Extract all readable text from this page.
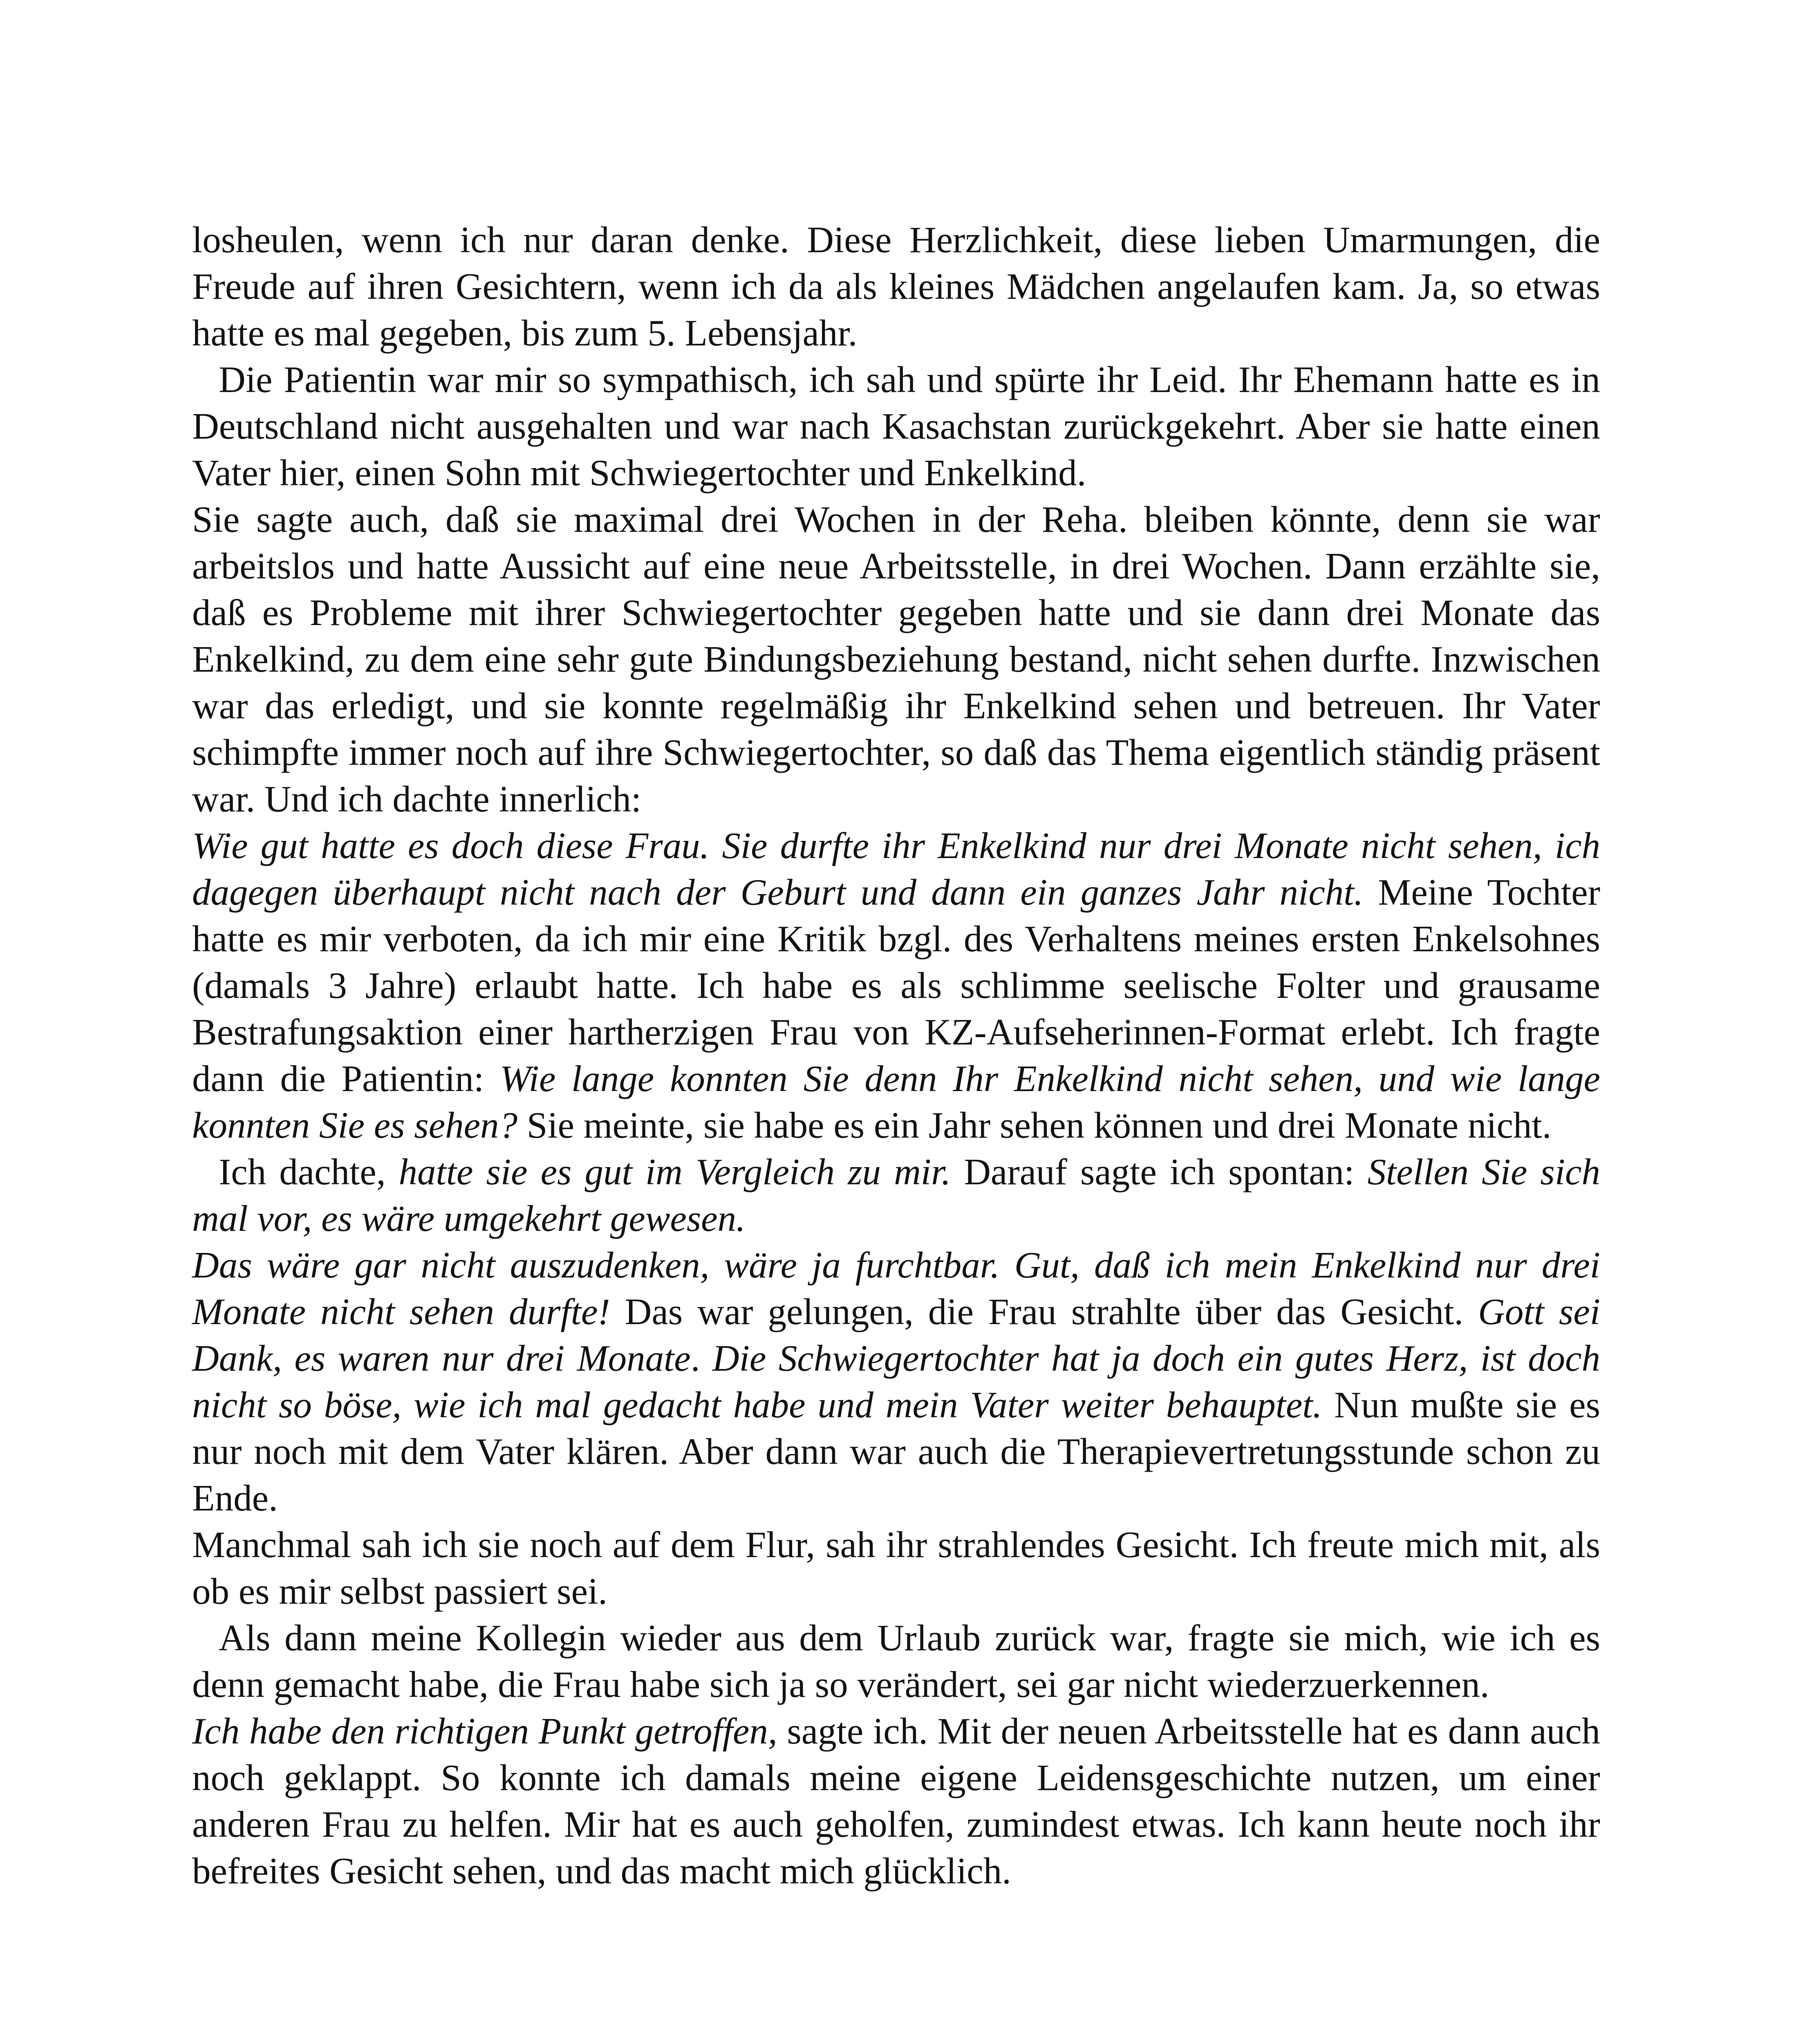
losheulen, wenn ich nur daran denke. Diese Herzlichkeit, diese lieben Umarmungen, die Freude auf ihren Gesichtern, wenn ich da als kleines Mädchen angelaufen kam. Ja, so etwas hatte es mal gegeben, bis zum 5. Lebensjahr.

Die Patientin war mir so sympathisch, ich sah und spürte ihr Leid. Ihr Ehemann hatte es in Deutschland nicht ausgehalten und war nach Kasachstan zurückgekehrt. Aber sie hatte einen Vater hier, einen Sohn mit Schwiegertochter und Enkelkind.

Sie sagte auch, daß sie maximal drei Wochen in der Reha. bleiben könnte, denn sie war arbeitslos und hatte Aussicht auf eine neue Arbeitsstelle, in drei Wochen. Dann erzählte sie, daß es Probleme mit ihrer Schwiegertochter gegeben hatte und sie dann drei Monate das Enkelkind, zu dem eine sehr gute Bindungsbeziehung bestand, nicht sehen durfte. Inzwischen war das erledigt, und sie konnte regelmäßig ihr Enkelkind sehen und betreuen. Ihr Vater schimpfte immer noch auf ihre Schwiegertochter, so daß das Thema eigentlich ständig präsent war. Und ich dachte innerlich:

Wie gut hatte es doch diese Frau. Sie durfte ihr Enkelkind nur drei Monate nicht sehen, ich dagegen überhaupt nicht nach der Geburt und dann ein ganzes Jahr nicht. Meine Tochter hatte es mir verboten, da ich mir eine Kritik bzgl. des Verhaltens meines ersten Enkelsohnes (damals 3 Jahre) erlaubt hatte. Ich habe es als schlimme seelische Folter und grausame Bestrafungsaktion einer hartherzigen Frau von KZ-Aufseherinnen-Format erlebt. Ich fragte dann die Patientin: Wie lange konnten Sie denn Ihr Enkelkind nicht sehen, und wie lange konnten Sie es sehen? Sie meinte, sie habe es ein Jahr sehen können und drei Monate nicht.

Ich dachte, hatte sie es gut im Vergleich zu mir. Darauf sagte ich spontan: Stellen Sie sich mal vor, es wäre umgekehrt gewesen.

Das wäre gar nicht auszudenken, wäre ja furchtbar. Gut, daß ich mein Enkelkind nur drei Monate nicht sehen durfte! Das war gelungen, die Frau strahlte über das Gesicht. Gott sei Dank, es waren nur drei Monate. Die Schwiegertochter hat ja doch ein gutes Herz, ist doch nicht so böse, wie ich mal gedacht habe und mein Vater weiter behauptet. Nun mußte sie es nur noch mit dem Vater klären. Aber dann war auch die Therapievertretungsstunde schon zu Ende.

Manchmal sah ich sie noch auf dem Flur, sah ihr strahlendes Gesicht. Ich freute mich mit, als ob es mir selbst passiert sei.

Als dann meine Kollegin wieder aus dem Urlaub zurück war, fragte sie mich, wie ich es denn gemacht habe, die Frau habe sich ja so verändert, sei gar nicht wiederzuerkennen.

Ich habe den richtigen Punkt getroffen, sagte ich. Mit der neuen Arbeitsstelle hat es dann auch noch geklappt. So konnte ich damals meine eigene Leidensgeschichte nutzen, um einer anderen Frau zu helfen. Mir hat es auch geholfen, zumindest etwas. Ich kann heute noch ihr befreites Gesicht sehen, und das macht mich glücklich.
